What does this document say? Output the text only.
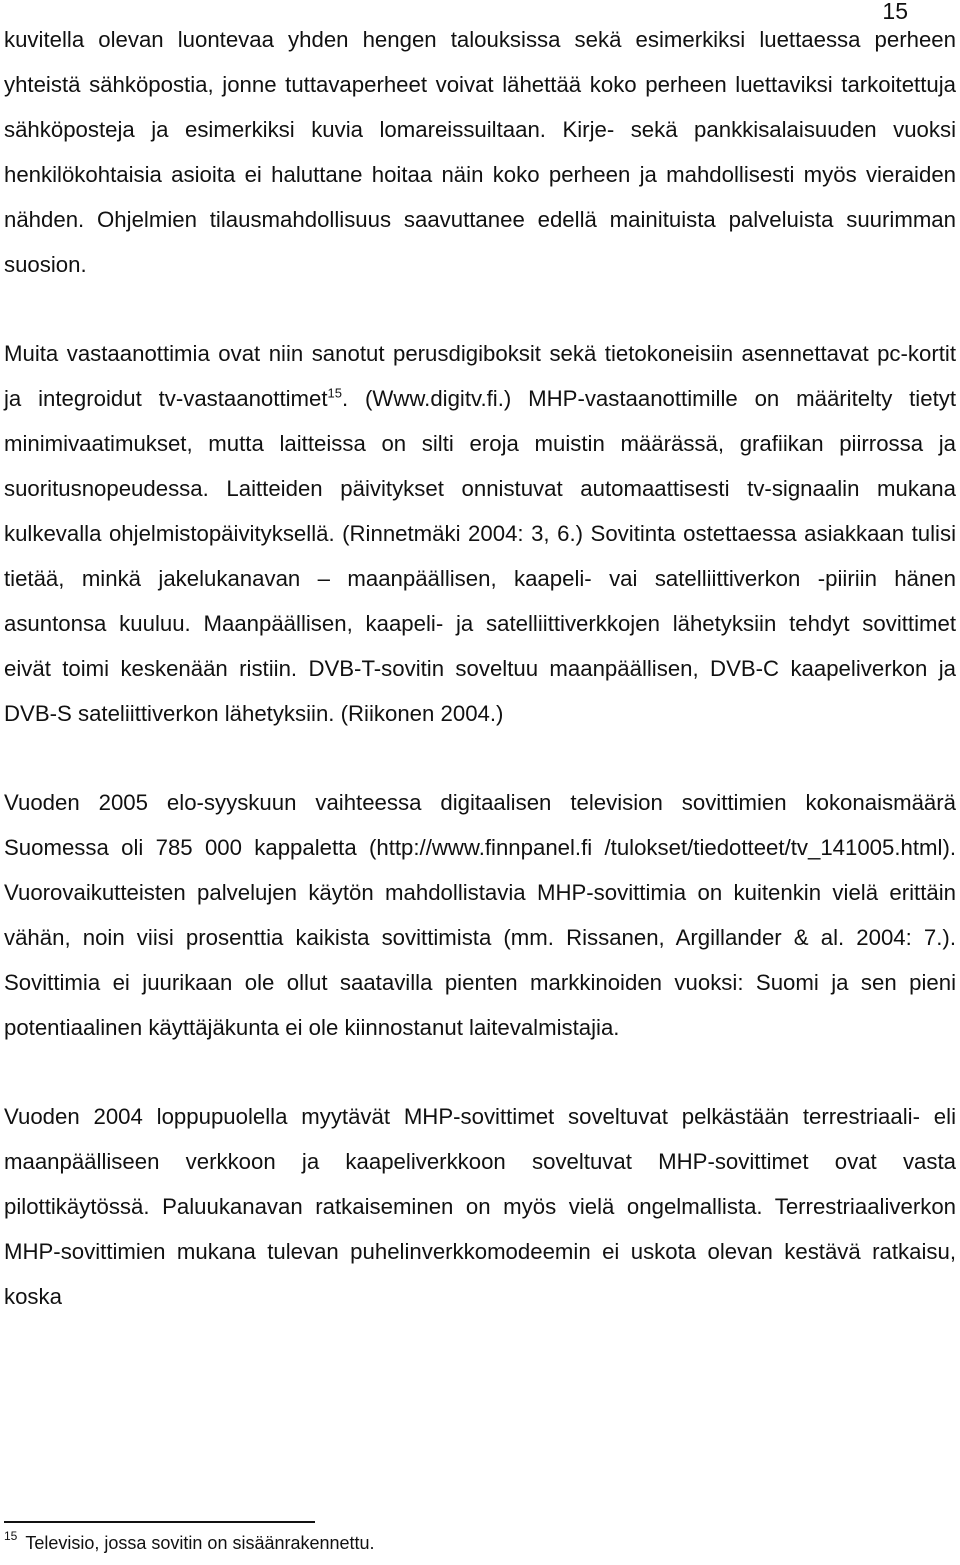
15

kuvitella olevan luontevaa yhden hengen talouksissa sekä esimerkiksi luettaessa perheen yhteistä sähköpostia, jonne tuttavaperheet voivat lähettää koko perheen luettaviksi tarkoitettuja sähköposteja ja esimerkiksi kuvia lomareissuiltaan. Kirje- sekä pankkisalaisuuden vuoksi henkilökohtaisia asioita ei haluttane hoitaa näin koko perheen ja mahdollisesti myös vieraiden nähden. Ohjelmien tilausmahdollisuus saavuttanee edellä mainituista palveluista suurimman suosion.

Muita vastaanottimia ovat niin sanotut perusdigiboksit sekä tietokoneisiin asennettavat pc-kortit ja integroidut tv-vastaanottimet$^{15}$. (Www.digitv.fi.) MHP-vastaanottimille on määritelty tietyt minimivaatimukset, mutta laitteissa on silti eroja muistin määrässä, grafiikan piirrossa ja suoritusnopeudessa. Laitteiden päivitykset onnistuvat automaattisesti tv-signaalin mukana kulkevalla ohjelmistopäivityksellä. (Rinnetmäki 2004: 3, 6.) Sovitinta ostettaessa asiakkaan tulisi tietää, minkä jakelukanavan – maanpäällisen, kaapeli- vai satelliittiverkon -piiriin hänen asuntonsa kuuluu. Maanpäällisen, kaapeli- ja satelliittiverkkojen lähetyksiin tehdyt sovittimet eivät toimi keskenään ristiin. DVB-T-sovitin soveltuu maanpäällisen, DVB-C kaapeliverkon ja DVB-S sateliittiverkon lähetyksiin. (Riikonen 2004.)

Vuoden 2005 elo-syyskuun vaihteessa digitaalisen television sovittimien kokonaismäärä Suomessa oli 785 000 kappaletta (http://www.finnpanel.fi /tulokset/tiedotteet/tv_141005.html). Vuorovaikutteisten palvelujen käytön mahdollistavia MHP-sovittimia on kuitenkin vielä erittäin vähän, noin viisi prosenttia kaikista sovittimista (mm. Rissanen, Argillander & al. 2004: 7.). Sovittimia ei juurikaan ole ollut saatavilla pienten markkinoiden vuoksi: Suomi ja sen pieni potentiaalinen käyttäjäkunta ei ole kiinnostanut laitevalmistajia.

Vuoden 2004 loppupuolella myytävät MHP-sovittimet soveltuvat pelkästään terrestriaali- eli maanpäälliseen verkkoon ja kaapeliverkkoon soveltuvat MHP-sovittimet ovat vasta pilottikäytössä. Paluukanavan ratkaiseminen on myös vielä ongelmallista. Terrestriaaliverkon MHP-sovittimien mukana tulevan puhelinverkkomodeemin ei uskota olevan kestävä ratkaisu, koska

$^{15}$ Televisio, jossa sovitin on sisäänrakennettu.
